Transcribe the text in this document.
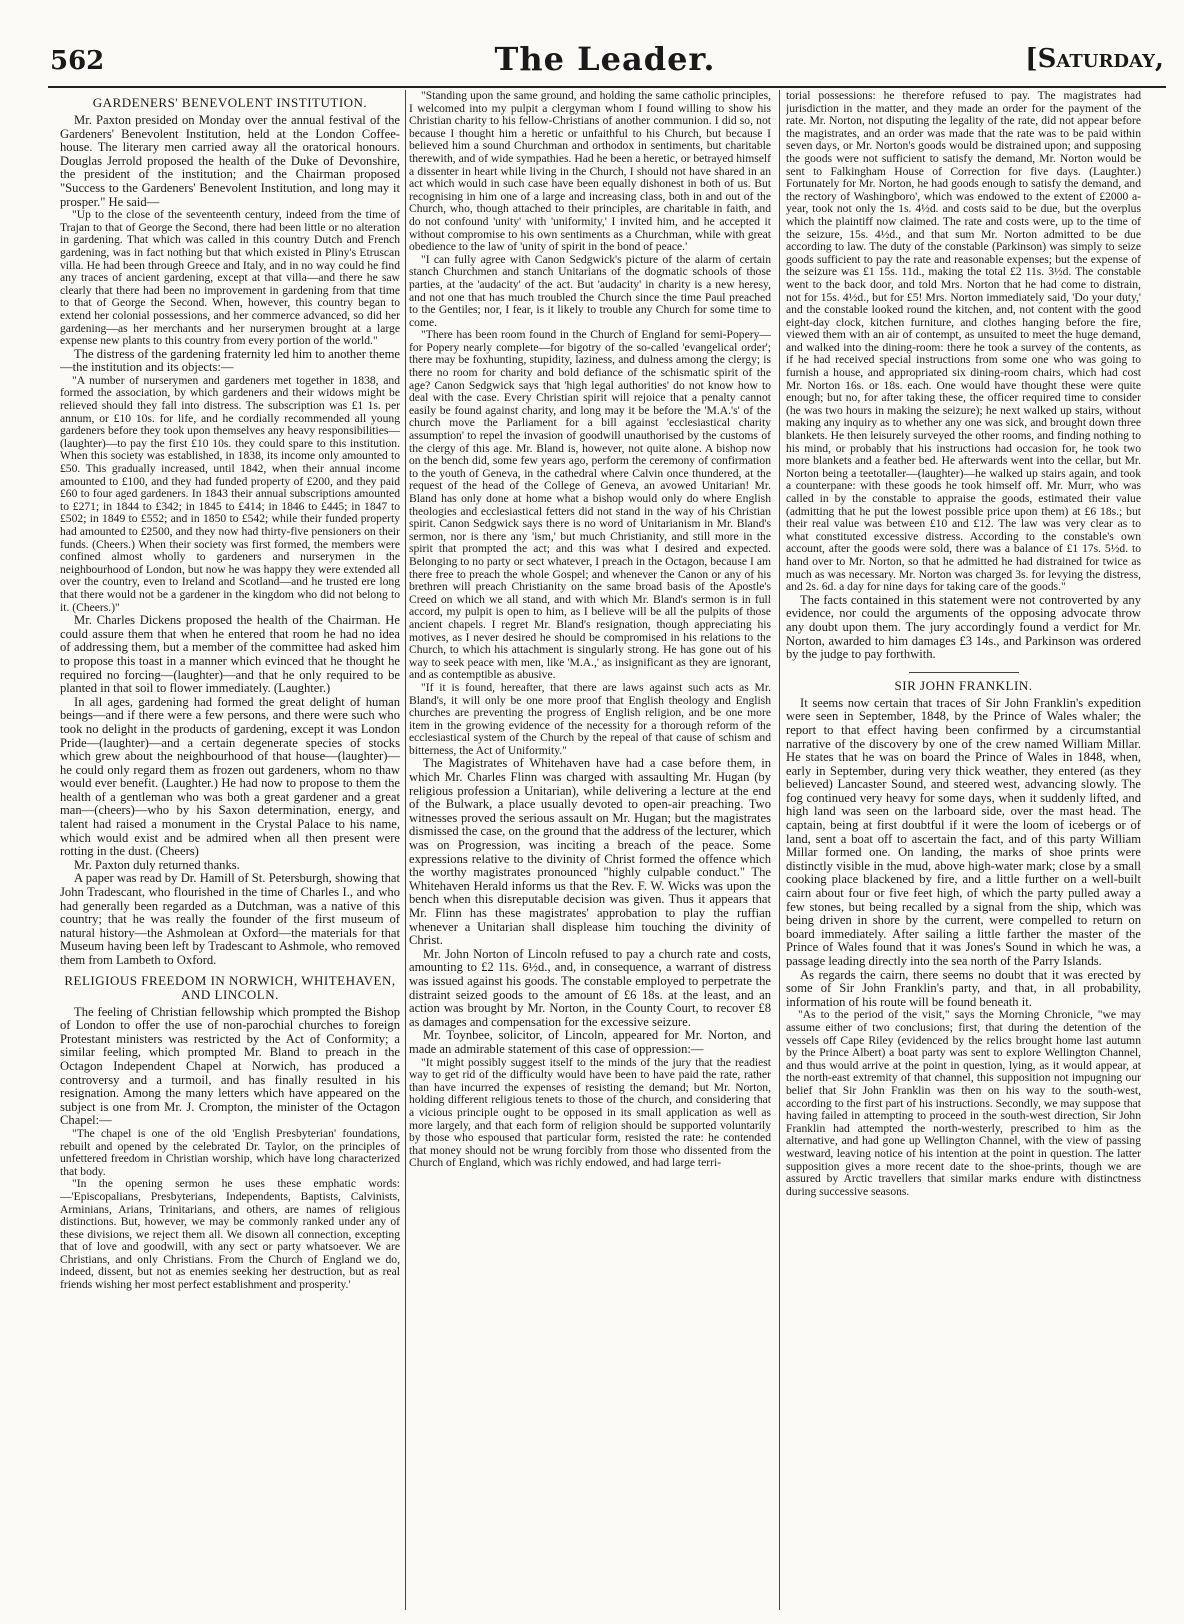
562	The Leader.	[Saturday,
GARDENERS' BENEVOLENT INSTITUTION.

Mr. Paxton presided on Monday over the annual festival of the Gardeners' Benevolent Institution, held at the London Coffee-house. The literary men carried away all the oratorical honours. Douglas Jerrold proposed the health of the Duke of Devonshire, the president of the institution; and the Chairman proposed "Success to the Gardeners' Benevolent Institution, and long may it prosper." He said—

"Up to the close of the seventeenth century, indeed from the time of Trajan to that of George the Second, there had been little or no alteration in gardening. That which was called in this country Dutch and French gardening, was in fact nothing but that which existed in Pliny's Etruscan villa. He had been through Greece and Italy, and in no way could he find any traces of ancient gardening, except at that villa—and there he saw clearly that there had been no improvement in gardening from that time to that of George the Second. When, however, this country began to extend her colonial possessions, and her commerce advanced, so did her gardening—as her merchants and her nurserymen brought at a large expense new plants to this country from every portion of the world."

The distress of the gardening fraternity led him to another theme—the institution and its objects:—

"A number of nurserymen and gardeners met together in 1838, and formed the association, by which gardeners and their widows might be relieved should they fall into distress. The subscription was £1 1s. per annum, or £10 10s. for life, and he cordially recommended all young gardeners before they took upon themselves any heavy responsibilities—(laughter)—to pay the first £10 10s. they could spare to this institution. When this society was established, in 1838, its income only amounted to £50. This gradually increased, until 1842, when their annual income amounted to £100, and they had funded property of £200, and they paid £60 to four aged gardeners. In 1843 their annual subscriptions amounted to £271; in 1844 to £342; in 1845 to £414; in 1846 to £445; in 1847 to £502; in 1849 to £552; and in 1850 to £542; while their funded property had amounted to £2500, and they now had thirty-five pensioners on their funds. (Cheers.) When their society was first formed, the members were confined almost wholly to gardeners and nurserymen in the neighbourhood of London, but now he was happy they were extended all over the country, even to Ireland and Scotland—and he trusted ere long that there would not be a gardener in the kingdom who did not belong to it. (Cheers.)"

Mr. Charles Dickens proposed the health of the Chairman. He could assure them that when he entered that room he had no idea of addressing them, but a member of the committee had asked him to propose this toast in a manner which evinced that he thought he required no forcing—(laughter)—and that he only required to be planted in that soil to flower immediately. (Laughter.)

In all ages, gardening had formed the great delight of human beings—and if there were a few persons, and there were such who took no delight in the products of gardening, except it was London Pride—(laughter)—and a certain degenerate species of stocks which grew about the neighbourhood of that house—(laughter)—he could only regard them as frozen out gardeners, whom no thaw would ever benefit. (Laughter.) He had now to propose to them the health of a gentleman who was both a great gardener and a great man—(cheers)—who by his Saxon determination, energy, and talent had raised a monument in the Crystal Palace to his name, which would exist and be admired when all then present were rotting in the dust. (Cheers)

Mr. Paxton duly returned thanks.

A paper was read by Dr. Hamill of St. Petersburgh, showing that John Tradescant, who flourished in the time of Charles I., and who had generally been regarded as a Dutchman, was a native of this country; that he was really the founder of the first museum of natural history—the Ashmolean at Oxford—the materials for that Museum having been left by Tradescant to Ashmole, who removed them from Lambeth to Oxford.

RELIGIOUS FREEDOM IN NORWICH, WHITEHAVEN, AND LINCOLN.

The feeling of Christian fellowship which prompted the Bishop of London to offer the use of non-parochial churches to foreign Protestant ministers was restricted by the Act of Conformity; a similar feeling, which prompted Mr. Bland to preach in the Octagon Independent Chapel at Norwich, has produced a controversy and a turmoil, and has finally resulted in his resignation. Among the many letters which have appeared on the subject is one from Mr. J. Crompton, the minister of the Octagon Chapel:—

"The chapel is one of the old 'English Presbyterian' foundations, rebuilt and opened by the celebrated Dr. Taylor, on the principles of unfettered freedom in Christian worship, which have long characterized that body.

"In the opening sermon he uses these emphatic words:—'Episcopalians, Presbyterians, Independents, Baptists, Calvinists, Arminians, Arians, Trinitarians, and others, are names of religious distinctions. But, however, we may be commonly ranked under any of these divisions, we reject them all. We disown all connection, excepting that of love and goodwill, with any sect or party whatsoever. We are Christians, and only Christians. From the Church of England we do, indeed, dissent, but not as enemies seeking her destruction, but as real friends wishing her most perfect establishment and prosperity.'

"Standing upon the same ground, and holding the same catholic principles, I welcomed into my pulpit a clergyman whom I found willing to show his Christian charity to his fellow-Christians of another communion. I did so, not because I thought him a heretic or unfaithful to his Church, but because I believed him a sound Churchman and orthodox in sentiments, but charitable therewith, and of wide sympathies. Had he been a heretic, or betrayed himself a dissenter in heart while living in the Church, I should not have shared in an act which would in such case have been equally dishonest in both of us. But recognising in him one of a large and increasing class, both in and out of the Church, who, though attached to their principles, are charitable in faith, and do not confound 'unity' with 'uniformity,' I invited him, and he accepted it without compromise to his own sentiments as a Churchman, while with great obedience to the law of 'unity of spirit in the bond of peace.'

"I can fully agree with Canon Sedgwick's picture of the alarm of certain stanch Churchmen and stanch Unitarians of the dogmatic schools of those parties, at the 'audacity' of the act. But 'audacity' in charity is a new heresy, and not one that has much troubled the Church since the time Paul preached to the Gentiles; nor, I fear, is it likely to trouble any Church for some time to come.

"There has been room found in the Church of England for semi-Popery—for Popery nearly complete—for bigotry of the so-called 'evangelical order'; there may be foxhunting, stupidity, laziness, and dulness among the clergy; is there no room for charity and bold defiance of the schismatic spirit of the age? Canon Sedgwick says that 'high legal authorities' do not know how to deal with the case. Every Christian spirit will rejoice that a penalty cannot easily be found against charity, and long may it be before the 'M.A.'s' of the church move the Parliament for a bill against 'ecclesiastical charity assumption' to repel the invasion of goodwill unauthorised by the customs of the clergy of this age. Mr. Bland is, however, not quite alone. A bishop now on the bench did, some few years ago, perform the ceremony of confirmation to the youth of Geneva, in the cathedral where Calvin once thundered, at the request of the head of the College of Geneva, an avowed Unitarian! Mr. Bland has only done at home what a bishop would only do where English theologies and ecclesiastical fetters did not stand in the way of his Christian spirit. Canon Sedgwick says there is no word of Unitarianism in Mr. Bland's sermon, nor is there any 'ism,' but much Christianity, and still more in the spirit that prompted the act; and this was what I desired and expected. Belonging to no party or sect whatever, I preach in the Octagon, because I am there free to preach the whole Gospel; and whenever the Canon or any of his brethren will preach Christianity on the same broad basis of the Apostle's Creed on which we all stand, and with which Mr. Bland's sermon is in full accord, my pulpit is open to him, as I believe will be all the pulpits of those ancient chapels. I regret Mr. Bland's resignation, though appreciating his motives, as I never desired he should be compromised in his relations to the Church, to which his attachment is singularly strong. He has gone out of his way to seek peace with men, like 'M.A.,' as insignificant as they are ignorant, and as contemptible as abusive.

"If it is found, hereafter, that there are laws against such acts as Mr. Bland's, it will only be one more proof that English theology and English churches are preventing the progress of English religion, and be one more item in the growing evidence of the necessity for a thorough reform of the ecclesiastical system of the Church by the repeal of that cause of schism and bitterness, the Act of Uniformity."

The Magistrates of Whitehaven have had a case before them, in which Mr. Charles Flinn was charged with assaulting Mr. Hugan (by religious profession a Unitarian), while delivering a lecture at the end of the Bulwark, a place usually devoted to open-air preaching. Two witnesses proved the serious assault on Mr. Hugan; but the magistrates dismissed the case, on the ground that the address of the lecturer, which was on Progression, was inciting a breach of the peace. Some expressions relative to the divinity of Christ formed the offence which the worthy magistrates pronounced "highly culpable conduct." The Whitehaven Herald informs us that the Rev. F. W. Wicks was upon the bench when this disreputable decision was given. Thus it appears that Mr. Flinn has these magistrates' approbation to play the ruffian whenever a Unitarian shall displease him touching the divinity of Christ.

Mr. John Norton of Lincoln refused to pay a church rate and costs, amounting to £2 11s. 6½d., and, in consequence, a warrant of distress was issued against his goods. The constable employed to perpetrate the distraint seized goods to the amount of £6 18s. at the least, and an action was brought by Mr. Norton, in the County Court, to recover £8 as damages and compensation for the excessive seizure.

Mr. Toynbee, solicitor, of Lincoln, appeared for Mr. Norton, and made an admirable statement of this case of oppression:—

"It might possibly suggest itself to the minds of the jury that the readiest way to get rid of the difficulty would have been to have paid the rate, rather than have incurred the expenses of resisting the demand; but Mr. Norton, holding different religious tenets to those of the church, and considering that a vicious principle ought to be opposed in its small application as well as more largely, and that each form of religion should be supported voluntarily by those who espoused that particular form, resisted the rate: he contended that money should not be wrung forcibly from those who dissented from the Church of England, which was richly endowed, and had large terri-

torial possessions: he therefore refused to pay. The magistrates had jurisdiction in the matter, and they made an order for the payment of the rate. Mr. Norton, not disputing the legality of the rate, did not appear before the magistrates, and an order was made that the rate was to be paid within seven days, or Mr. Norton's goods would be distrained upon; and supposing the goods were not sufficient to satisfy the demand, Mr. Norton would be sent to Falkingham House of Correction for five days. (Laughter.) Fortunately for Mr. Norton, he had goods enough to satisfy the demand, and the rectory of Washingboro', which was endowed to the extent of £2000 a-year, took not only the 1s. 4½d. and costs said to be due, but the overplus which the plaintiff now claimed. The rate and costs were, up to the time of the seizure, 15s. 4½d., and that sum Mr. Norton admitted to be due according to law. The duty of the constable (Parkinson) was simply to seize goods sufficient to pay the rate and reasonable expenses; but the expense of the seizure was £1 15s. 11d., making the total £2 11s. 3½d. The constable went to the back door, and told Mrs. Norton that he had come to distrain, not for 15s. 4½d., but for £5! Mrs. Norton immediately said, 'Do your duty,' and the constable looked round the kitchen, and, not content with the good eight-day clock, kitchen furniture, and clothes hanging before the fire, viewed them with an air of contempt, as unsuited to meet the huge demand, and walked into the dining-room: there he took a survey of the contents, as if he had received special instructions from some one who was going to furnish a house, and appropriated six dining-room chairs, which had cost Mr. Norton 16s. or 18s. each. One would have thought these were quite enough; but no, for after taking these, the officer required time to consider (he was two hours in making the seizure); he next walked up stairs, without making any inquiry as to whether any one was sick, and brought down three blankets. He then leisurely surveyed the other rooms, and finding nothing to his mind, or probably that his instructions had occasion for, he took two more blankets and a feather bed. He afterwards went into the cellar, but Mr. Norton being a teetotaller—(laughter)—he walked up stairs again, and took a counterpane: with these goods he took himself off. Mr. Murr, who was called in by the constable to appraise the goods, estimated their value (admitting that he put the lowest possible price upon them) at £6 18s.; but their real value was between £10 and £12. The law was very clear as to what constituted excessive distress. According to the constable's own account, after the goods were sold, there was a balance of £1 17s. 5½d. to hand over to Mr. Norton, so that he admitted he had distrained for twice as much as was necessary. Mr. Norton was charged 3s. for levying the distress, and 2s. 6d. a day for nine days for taking care of the goods."

The facts contained in this statement were not controverted by any evidence, nor could the arguments of the opposing advocate throw any doubt upon them. The jury accordingly found a verdict for Mr. Norton, awarded to him damages £3 14s., and Parkinson was ordered by the judge to pay forthwith.

SIR JOHN FRANKLIN.

It seems now certain that traces of Sir John Franklin's expedition were seen in September, 1848, by the Prince of Wales whaler; the report to that effect having been confirmed by a circumstantial narrative of the discovery by one of the crew named William Millar. He states that he was on board the Prince of Wales in 1848, when, early in September, during very thick weather, they entered (as they believed) Lancaster Sound, and steered west, advancing slowly. The fog continued very heavy for some days, when it suddenly lifted, and high land was seen on the larboard side, over the mast head. The captain, being at first doubtful if it were the loom of icebergs or of land, sent a boat off to ascertain the fact, and of this party William Millar formed one. On landing, the marks of shoe prints were distinctly visible in the mud, above high-water mark; close by a small cooking place blackened by fire, and a little further on a well-built cairn about four or five feet high, of which the party pulled away a few stones, but being recalled by a signal from the ship, which was being driven in shore by the current, were compelled to return on board immediately. After sailing a little farther the master of the Prince of Wales found that it was Jones's Sound in which he was, a passage leading directly into the sea north of the Parry Islands.

As regards the cairn, there seems no doubt that it was erected by some of Sir John Franklin's party, and that, in all probability, information of his route will be found beneath it.

"As to the period of the visit," says the Morning Chronicle, "we may assume either of two conclusions; first, that during the detention of the vessels off Cape Riley (evidenced by the relics brought home last autumn by the Prince Albert) a boat party was sent to explore Wellington Channel, and thus would arrive at the point in question, lying, as it would appear, at the north-east extremity of that channel, this supposition not impugning our belief that Sir John Franklin was then on his way to the south-west, according to the first part of his instructions. Secondly, we may suppose that having failed in attempting to proceed in the south-west direction, Sir John Franklin had attempted the north-westerly, prescribed to him as the alternative, and had gone up Wellington Channel, with the view of passing westward, leaving notice of his intention at the point in question. The latter supposition gives a more recent date to the shoe-prints, though we are assured by Arctic travellers that similar marks endure with distinctness during successive seasons.
